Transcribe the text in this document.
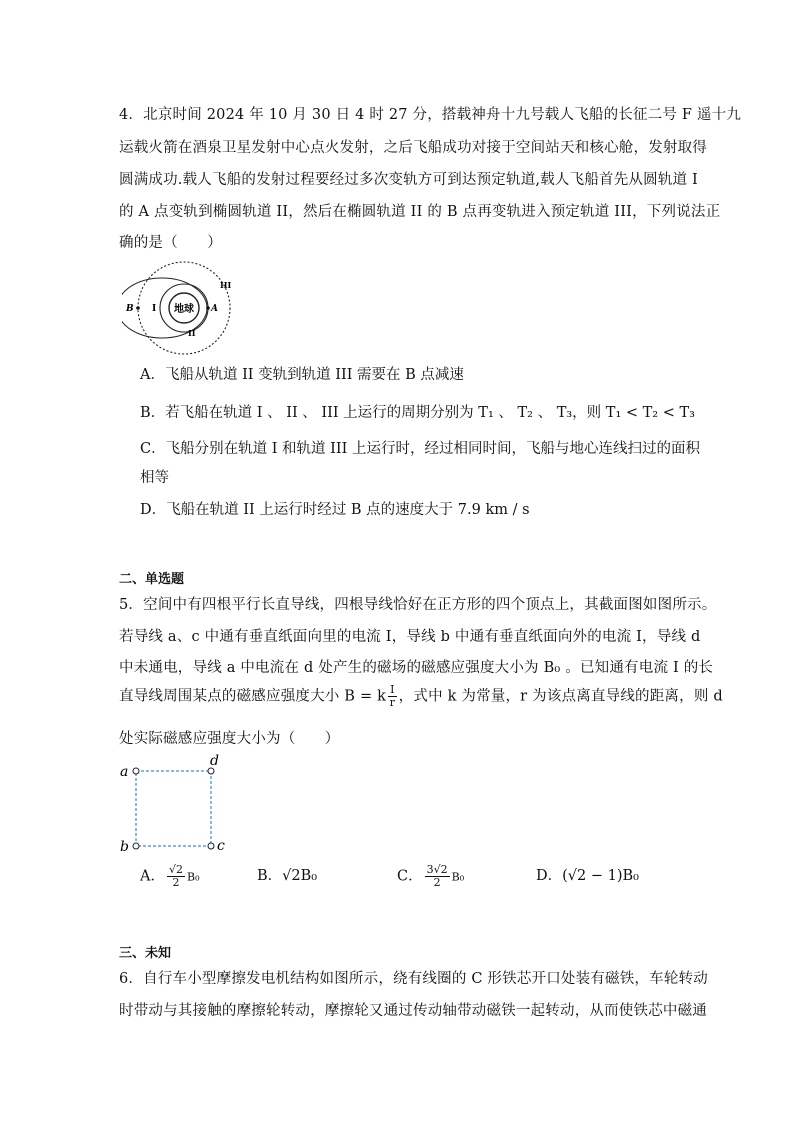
4．北京时间 2024 年 10 月 30 日 4 时 27 分，搭载神舟十九号载人飞船的长征二号 F 遥十九
运载火箭在酒泉卫星发射中心点火发射，之后飞船成功对接于空间站天和核心舱，发射取得
圆满成功.载人飞船的发射过程要经过多次变轨方可到达预定轨道,载人飞船首先从圆轨道 I
的 A 点变轨到椭圆轨道 II，然后在椭圆轨道 II 的 B 点再变轨进入预定轨道 III，下列说法正
确的是（　　）
地球 A
B I
II
III
A．飞船从轨道 II 变轨到轨道 III 需要在 B 点减速
B．若飞船在轨道 I 、 II 、 III 上运行的周期分别为 T₁ 、 T₂ 、 T₃，则 T₁ < T₂ < T₃
C．飞船分别在轨道 I 和轨道 III 上运行时，经过相同时间，飞船与地心连线扫过的面积
相等
D．飞船在轨道 II 上运行时经过 B 点的速度大于 7.9 km / s
二、单选题
5．空间中有四根平行长直导线，四根导线恰好在正方形的四个顶点上，其截面图如图所示。
若导线 a、c 中通有垂直纸面向里的电流 I，导线 b 中通有垂直纸面向外的电流 I，导线 d
中未通电，导线 a 中电流在 d 处产生的磁场的磁感应强度大小为 B₀ 。已知通有电流 I 的长
直导线周围某点的磁感应强度大小 B = k $\frac{I}{r}$ ，式中 k 为常量，r 为该点离直导线的距离，则 d
处实际磁感应强度大小为（　　）
a
d
b	c
A． $\frac{√2}{2} B_0$	B．√2B₀	C． $\frac{3√2}{2} B_0$	D．(√2 − 1)B₀
三、未知
6．自行车小型摩擦发电机结构如图所示，绕有线圈的 C 形铁芯开口处装有磁铁，车轮转动
时带动与其接触的摩擦轮转动，摩擦轮又通过传动轴带动磁铁一起转动，从而使铁芯中磁通
